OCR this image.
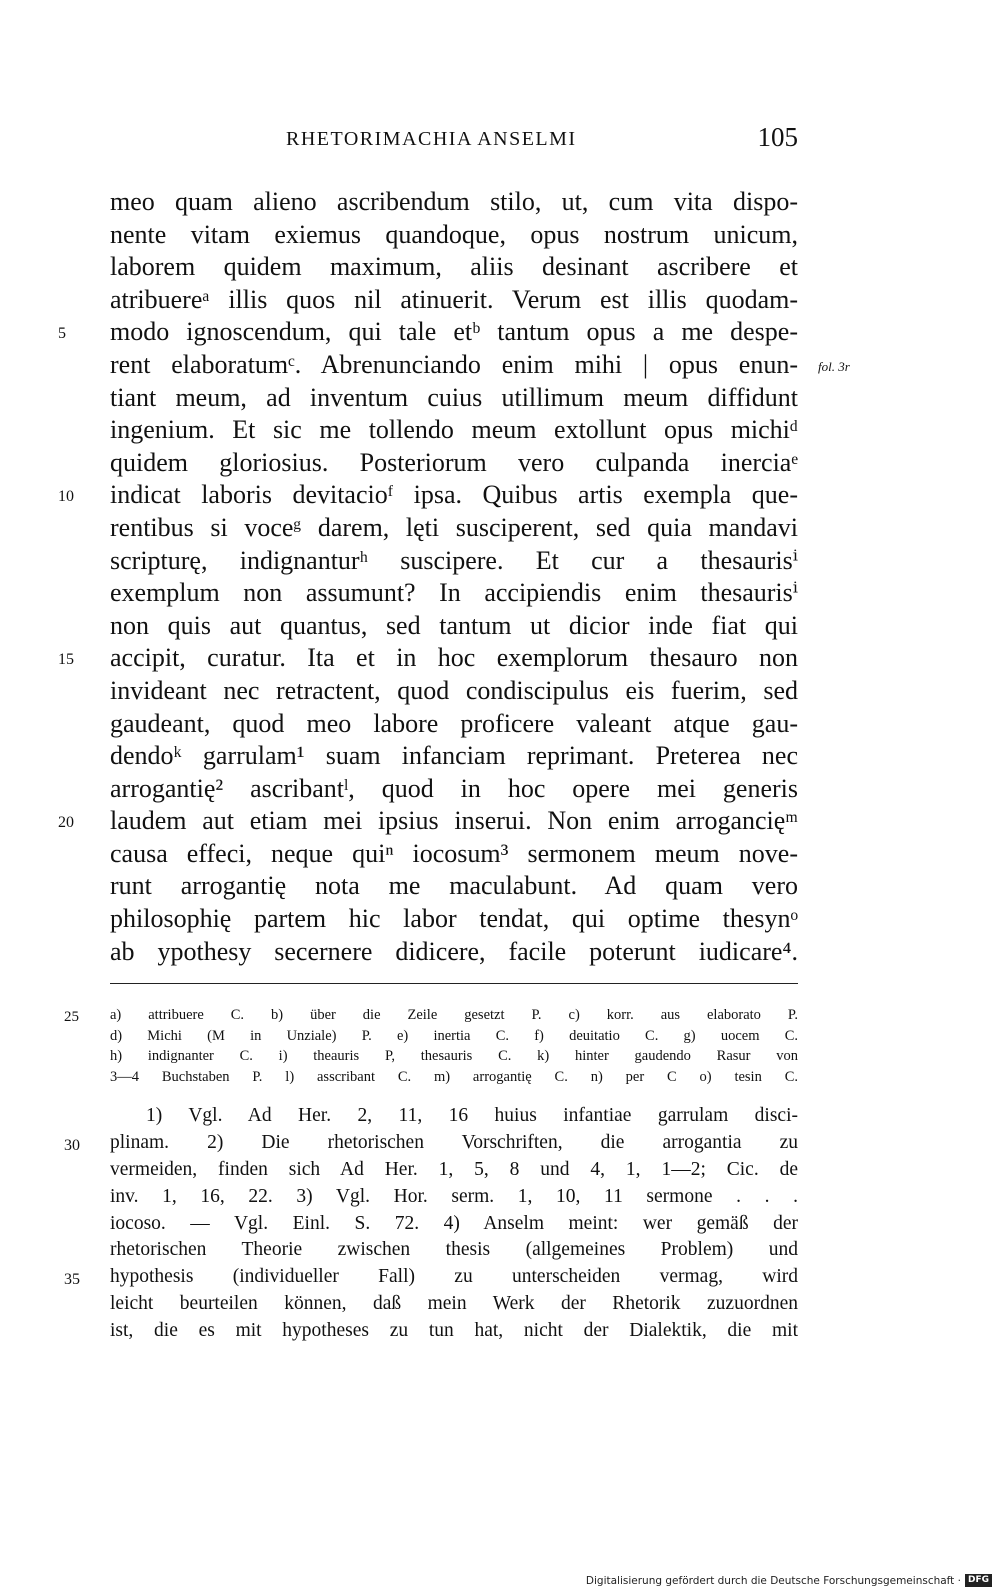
RHETORIMACHIA ANSELMI	105
meo quam alieno ascribendum stilo, ut, cum vita dispo-
nente vitam exiemus quandoque, opus nostrum unicum,
laborem quidem maximum, aliis desinant ascribere et
atribuereᵃ illis quos nil atinuerit. Verum est illis quodam-
5	modo ignoscendum, qui tale etᵇ tantum opus a me despe-
rent elaboratumᶜ. Abrenunciando enim mihi | opus enun- fol. 3r
tiant meum, ad inventum cuius utillimum meum diffidunt
ingenium. Et sic me tollendo meum extollunt opus michiᵈ
quidem gloriosius. Posteriorum vero culpanda inerciaᵉ
10	indicat laboris devitacioᶠ ipsa. Quibus artis exempla que-
rentibus si voceᵍ darem, lęti susciperent, sed quia mandavi
scripturę, indignanturʰ suscipere. Et cur a thesaurisⁱ
exemplum non assumunt? In accipiendis enim thesaurisⁱ
non quis aut quantus, sed tantum ut dicior inde fiat qui
15	accipit, curatur. Ita et in hoc exemplorum thesauro non
invideant nec retractent, quod condiscipulus eis fuerim, sed
gaudeant, quod meo labore proficere valeant atque gau-
dendoᵏ garrulam¹ suam infanciam reprimant. Preterea nec
arrogantię² ascribantˡ, quod in hoc opere mei generis
20	laudem aut etiam mei ipsius inserui. Non enim arrogancięᵐ
causa effeci, neque quiⁿ iocosum³ sermonem meum nove-
runt arrogantię nota me maculabunt. Ad quam vero
philosophię partem hic labor tendat, qui optime thesynᵒ
ab ypothesy secernere didicere, facile poterunt iudicare⁴.
25	a) attribuere C. b) über die Zeile gesetzt P. c) korr. aus elaborato P.
d) Michi (M in Unziale) P. e) inertia C. f) deuitatio C. g) uocem C.
h) indignanter C. i) theauris P, thesauris C. k) hinter gaudendo Rasur von
3—4 Buchstaben P. l) asscribant C. m) arrogantię C. n) per C o) tesin C.
1) Vgl. Ad Her. 2, 11, 16 huius infantiae garrulam disci-
30	plinam. 2) Die rhetorischen Vorschriften, die arrogantia zu
vermeiden, finden sich Ad Her. 1, 5, 8 und 4, 1, 1—2; Cic. de
inv. 1, 16, 22. 3) Vgl. Hor. serm. 1, 10, 11 sermone . . .
iocoso. — Vgl. Einl. S. 72. 4) Anselm meint: wer gemäß der
rhetorischen Theorie zwischen thesis (allgemeines Problem) und
35	hypothesis (individueller Fall) zu unterscheiden vermag, wird
leicht beurteilen können, daß mein Werk der Rhetorik zuzuordnen
ist, die es mit hypotheses zu tun hat, nicht der Dialektik, die mit
Digitalisierung gefördert durch die Deutsche Forschungsgemeinschaft · DFG
